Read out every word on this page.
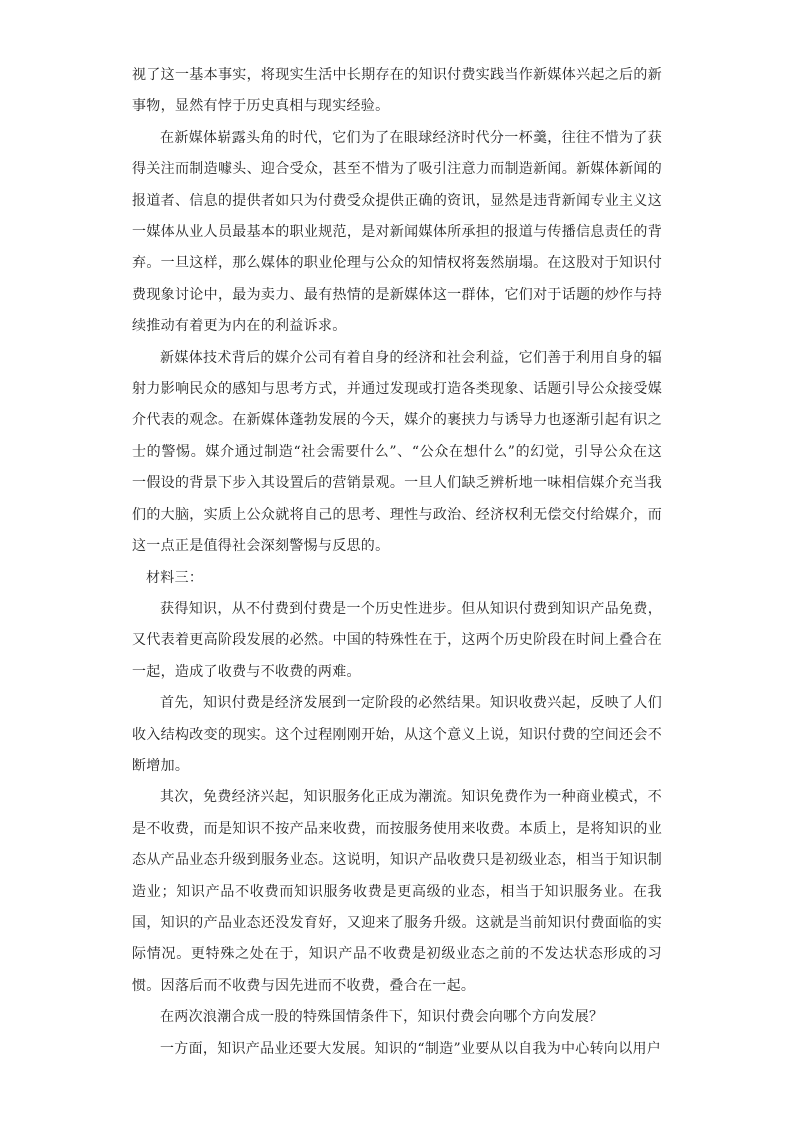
视了这一基本事实，将现实生活中长期存在的知识付费实践当作新媒体兴起之后的新事物，显然有悖于历史真相与现实经验。

在新媒体崭露头角的时代，它们为了在眼球经济时代分一杯羹，往往不惜为了获得关注而制造噱头、迎合受众，甚至不惜为了吸引注意力而制造新闻。新媒体新闻的报道者、信息的提供者如只为付费受众提供正确的资讯，显然是违背新闻专业主义这一媒体从业人员最基本的职业规范，是对新闻媒体所承担的报道与传播信息责任的背弃。一旦这样，那么媒体的职业伦理与公众的知情权将轰然崩塌。在这股对于知识付费现象讨论中，最为卖力、最有热情的是新媒体这一群体，它们对于话题的炒作与持续推动有着更为内在的利益诉求。

新媒体技术背后的媒介公司有着自身的经济和社会利益，它们善于利用自身的辐射力影响民众的感知与思考方式，并通过发现或打造各类现象、话题引导公众接受媒介代表的观念。在新媒体蓬勃发展的今天，媒介的裹挟力与诱导力也逐渐引起有识之士的警惕。媒介通过制造“社会需要什么”、“公众在想什么”的幻觉，引导公众在这一假设的背景下步入其设置后的营销景观。一旦人们缺乏辨析地一味相信媒介充当我们的大脑，实质上公众就将自己的思考、理性与政治、经济权利无偿交付给媒介，而这一点正是值得社会深刻警惕与反思的。

材料三：

获得知识，从不付费到付费是一个历史性进步。但从知识付费到知识产品免费，又代表着更高阶段发展的必然。中国的特殊性在于，这两个历史阶段在时间上叠合在一起，造成了收费与不收费的两难。

首先，知识付费是经济发展到一定阶段的必然结果。知识收费兴起，反映了人们收入结构改变的现实。这个过程刚刚开始，从这个意义上说，知识付费的空间还会不断增加。

其次，免费经济兴起，知识服务化正成为潮流。知识免费作为一种商业模式，不是不收费，而是知识不按产品来收费，而按服务使用来收费。本质上，是将知识的业态从产品业态升级到服务业态。这说明，知识产品收费只是初级业态，相当于知识制造业；知识产品不收费而知识服务收费是更高级的业态，相当于知识服务业。在我国，知识的产品业态还没发育好，又迎来了服务升级。这就是当前知识付费面临的实际情况。更特殊之处在于，知识产品不收费是初级业态之前的不发达状态形成的习惯。因落后而不收费与因先进而不收费，叠合在一起。

在两次浪潮合成一股的特殊国情条件下，知识付费会向哪个方向发展？

一方面，知识产品业还要大发展。知识的“制造”业要从以自我为中心转向以用户
